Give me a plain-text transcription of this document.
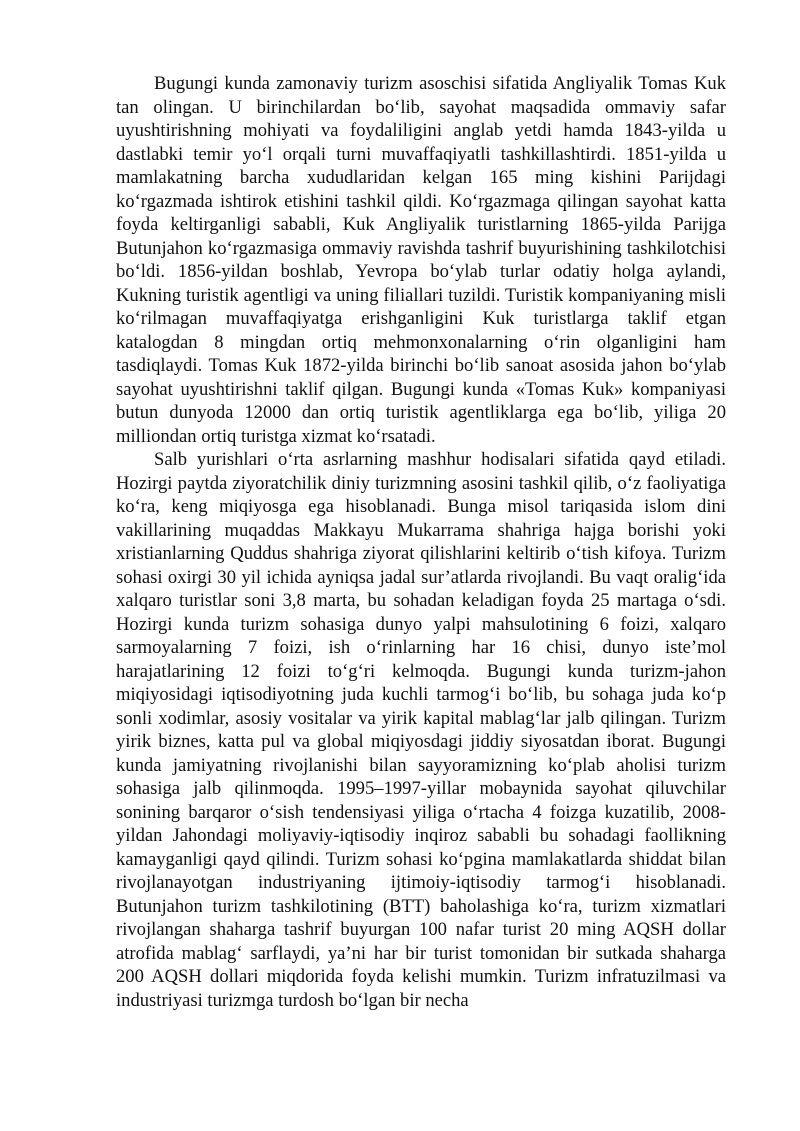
Bugungi kunda zamonaviy turizm asoschisi sifatida Angliyalik Tomas Kuk tan olingan. U birinchilardan bo‘lib, sayohat maqsadida ommaviy safar uyushtirishning mohiyati va foydaliligini anglab yetdi hamda 1843-yilda u dastlabki temir yo‘l orqali turni muvaffaqiyatli tashkillashtirdi. 1851-yilda u mamlakatning barcha xududlaridan kelgan 165 ming kishini Parijdagi ko‘rgazmada ishtirok etishini tashkil qildi. Ko‘rgazmaga qilingan sayohat katta foyda keltirganligi sababli, Kuk Angliyalik turistlarning 1865-yilda Parijga Butunjahon ko‘rgazmasiga ommaviy ravishda tashrif buyurishining tashkilotchisi bo‘ldi. 1856-yildan boshlab, Yevropa bo‘ylab turlar odatiy holga aylandi, Kukning turistik agentligi va uning filiallari tuzildi. Turistik kompaniyaning misli ko‘rilmagan muvaffaqiyatga erishganligini Kuk turistlarga taklif etgan katalogdan 8 mingdan ortiq mehmonxonalarning o‘rin olganligini ham tasdiqlaydi. Tomas Kuk 1872-yilda birinchi bo‘lib sanoat asosida jahon bo‘ylab sayohat uyushtirishni taklif qilgan. Bugungi kunda «Tomas Kuk» kompaniyasi butun dunyoda 12000 dan ortiq turistik agentliklarga ega bo‘lib, yiliga 20 milliondan ortiq turistga xizmat ko‘rsatadi.

Salb yurishlari o‘rta asrlarning mashhur hodisalari sifatida qayd etiladi. Hozirgi paytda ziyoratchilik diniy turizmning asosini tashkil qilib, o‘z faoliyatiga ko‘ra, keng miqiyosga ega hisoblanadi. Bunga misol tariqasida islom dini vakillarining muqaddas Makkayu Mukarrama shahriga hajga borishi yoki xristianlarning Quddus shahriga ziyorat qilishlarini keltirib o‘tish kifoya. Turizm sohasi oxirgi 30 yil ichida ayniqsa jadal sur’atlarda rivojlandi. Bu vaqt oralig‘ida xalqaro turistlar soni 3,8 marta, bu sohadan keladigan foyda 25 martaga o‘sdi. Hozirgi kunda turizm sohasiga dunyo yalpi mahsulotining 6 foizi, xalqaro sarmoyalarning 7 foizi, ish o‘rinlarning har 16 chisi, dunyo iste’mol harajatlarining 12 foizi to‘g‘ri kelmoqda. Bugungi kunda turizm-jahon miqiyosidagi iqtisodiyotning juda kuchli tarmog‘i bo‘lib, bu sohaga juda ko‘p sonli xodimlar, asosiy vositalar va yirik kapital mablag‘lar jalb qilingan. Turizm yirik biznes, katta pul va global miqiyosdagi jiddiy siyosatdan iborat. Bugungi kunda jamiyatning rivojlanishi bilan sayyoramizning ko‘plab aholisi turizm sohasiga jalb qilinmoqda. 1995–1997-yillar mobaynida sayohat qiluvchilar sonining barqaror o‘sish tendensiyasi yiliga o‘rtacha 4 foizga kuzatilib, 2008- yildan Jahondagi moliyaviy-iqtisodiy inqiroz sababli bu sohadagi faollikning kamayganligi qayd qilindi. Turizm sohasi ko‘pgina mamlakatlarda shiddat bilan rivojlanayotgan industriyaning ijtimoiy-iqtisodiy tarmog‘i hisoblanadi. Butunjahon turizm tashkilotining (BTT) baholashiga ko‘ra, turizm xizmatlari rivojlangan shaharga tashrif buyurgan 100 nafar turist 20 ming AQSH dollar atrofida mablag‘ sarflaydi, ya’ni har bir turist tomonidan bir sutkada shaharga 200 AQSH dollari miqdorida foyda kelishi mumkin. Turizm infratuzilmasi va industriyasi turizmga turdosh bo‘lgan bir necha
